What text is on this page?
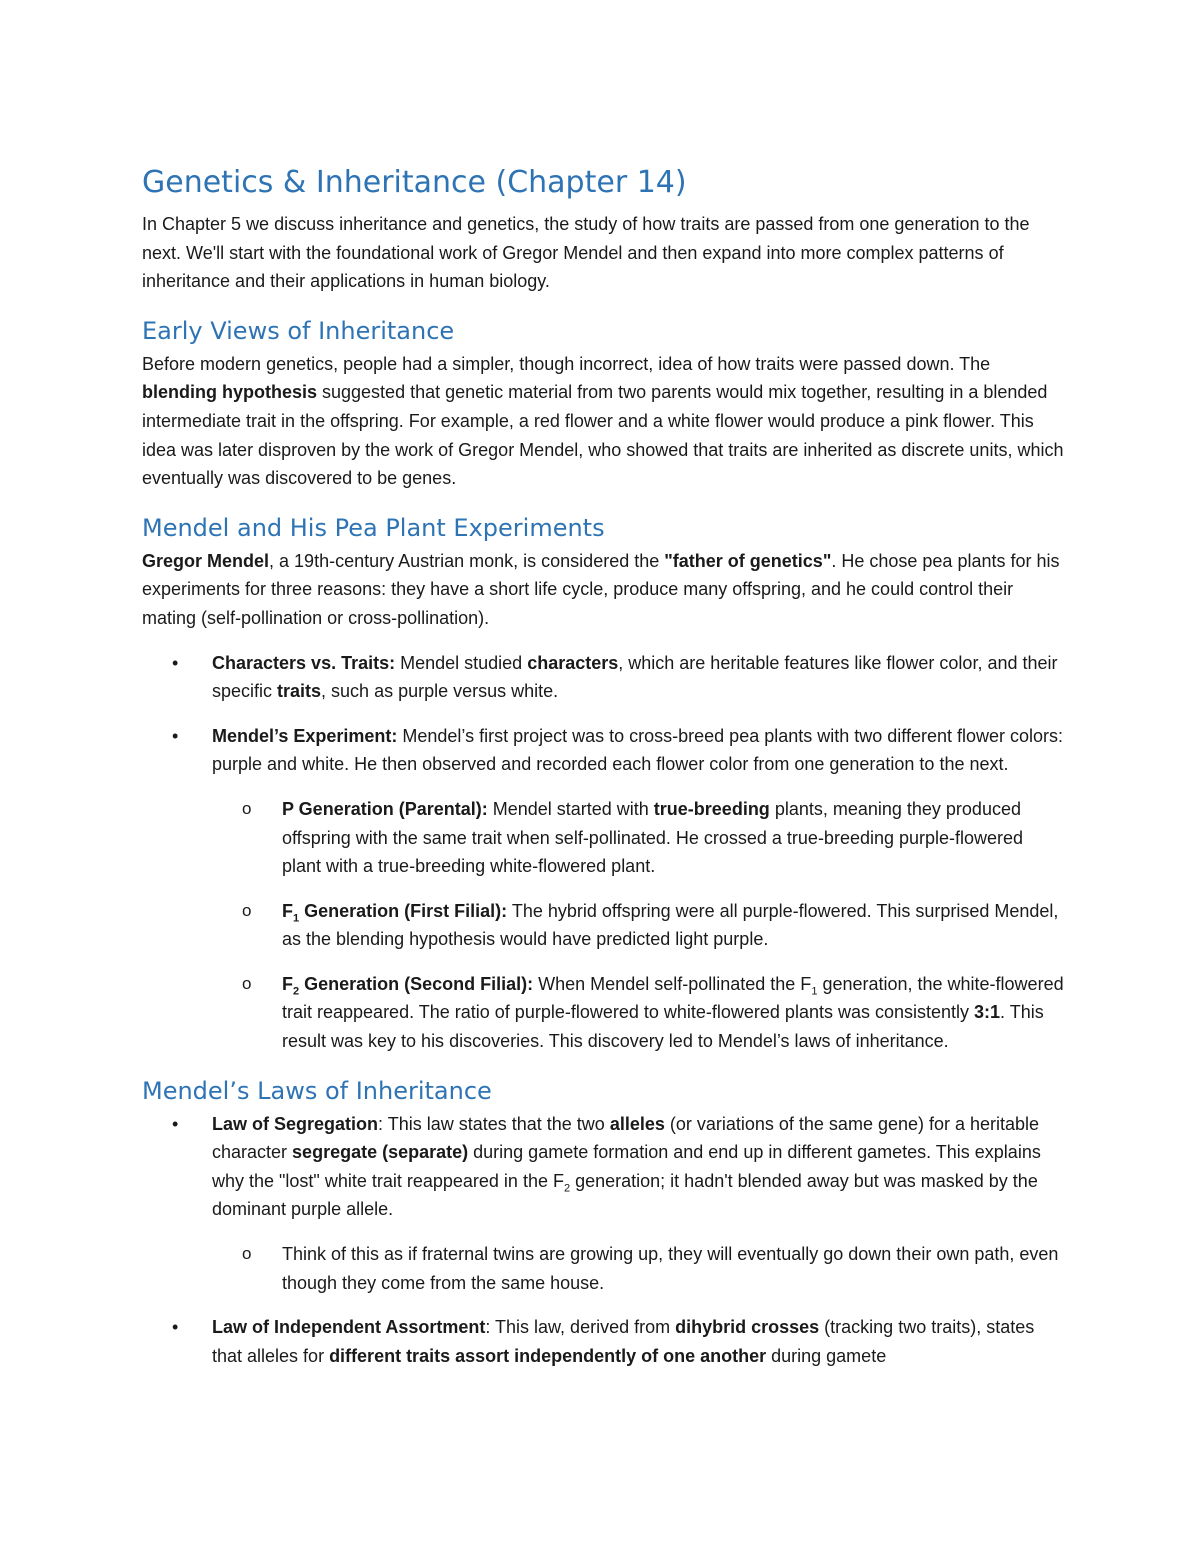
Genetics & Inheritance (Chapter 14)

In Chapter 5 we discuss inheritance and genetics, the study of how traits are passed from one generation to the next. We'll start with the foundational work of Gregor Mendel and then expand into more complex patterns of inheritance and their applications in human biology.

Early Views of Inheritance

Before modern genetics, people had a simpler, though incorrect, idea of how traits were passed down. The blending hypothesis suggested that genetic material from two parents would mix together, resulting in a blended intermediate trait in the offspring. For example, a red flower and a white flower would produce a pink flower. This idea was later disproven by the work of Gregor Mendel, who showed that traits are inherited as discrete units, which eventually was discovered to be genes.

Mendel and His Pea Plant Experiments

Gregor Mendel, a 19th-century Austrian monk, is considered the "father of genetics". He chose pea plants for his experiments for three reasons: they have a short life cycle, produce many offspring, and he could control their mating (self-pollination or cross-pollination).

• Characters vs. Traits: Mendel studied characters, which are heritable features like flower color, and their specific traits, such as purple versus white.
• Mendel’s Experiment: Mendel’s first project was to cross-breed pea plants with two different flower colors: purple and white. He then observed and recorded each flower color from one generation to the next.
o P Generation (Parental): Mendel started with true-breeding plants, meaning they produced offspring with the same trait when self-pollinated. He crossed a true-breeding purple-flowered plant with a true-breeding white-flowered plant.
o $F_1$ Generation (First Filial): The hybrid offspring were all purple-flowered. This surprised Mendel, as the blending hypothesis would have predicted light purple.
o $F_2$ Generation (Second Filial): When Mendel self-pollinated the $F_1$ generation, the white-flowered trait reappeared. The ratio of purple-flowered to white-flowered plants was consistently 3:1. This result was key to his discoveries. This discovery led to Mendel’s laws of inheritance.
Mendel’s Laws of Inheritance
• Law of Segregation: This law states that the two alleles (or variations of the same gene) for a heritable character segregate (separate) during gamete formation and end up in different gametes. This explains why the "lost" white trait reappeared in the $F_2$ generation; it hadn't blended away but was masked by the dominant purple allele.
o Think of this as if fraternal twins are growing up, they will eventually go down their own path, even though they come from the same house.
• Law of Independent Assortment: This law, derived from dihybrid crosses (tracking two traits), states that alleles for different traits assort independently of one another during gamete
